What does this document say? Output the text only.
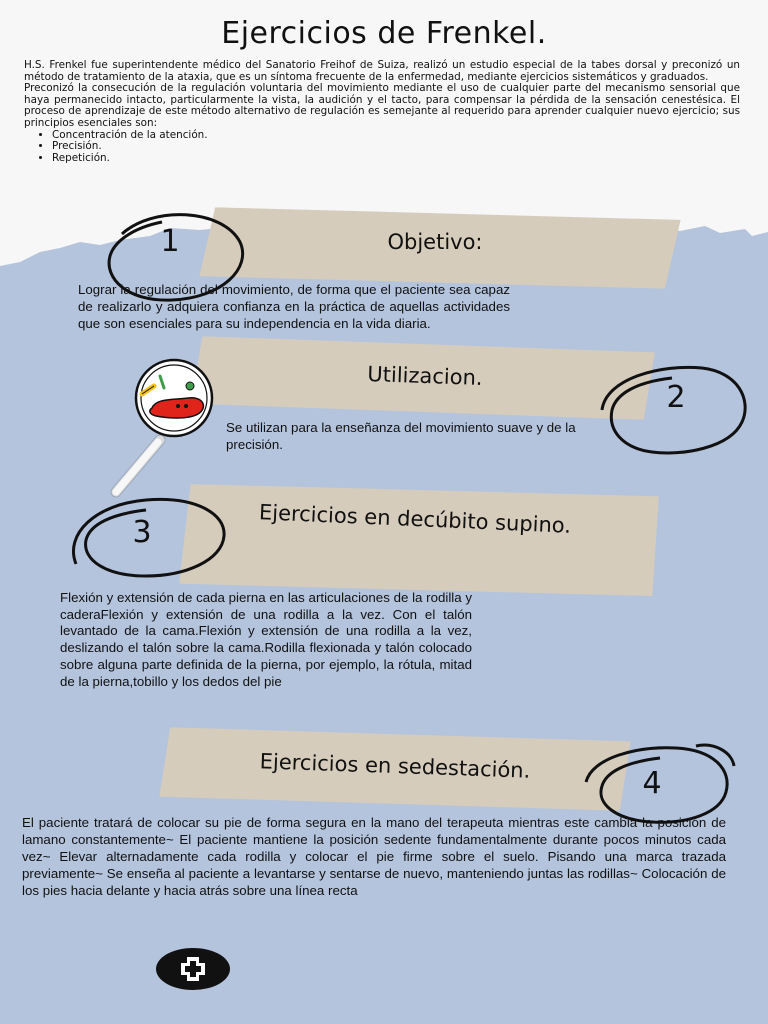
Ejercicios de Frenkel.

H.S. Frenkel fue superintendente médico del Sanatorio Freihof de Suiza, realizó un estudio especial de la tabes dorsal y preconizó un método de tratamiento de la ataxia, que es un síntoma frecuente de la enfermedad, mediante ejercicios sistemáticos y graduados.

Preconizó la consecución de la regulación voluntaria del movimiento mediante el uso de cualquier parte del mecanismo sensorial que haya permanecido intacto, particularmente la vista, la audición y el tacto, para compensar la pérdida de la sensación cenestésica. El proceso de aprendizaje de este método alternativo de regulación es semejante al requerido para aprender cualquier nuevo ejercicio; sus principios esenciales son:

• Concentración de la atención.
• Precisión.
• Repetición.
Objetivo:
1
Lograr la regulación del movimiento, de forma que el paciente sea capaz de realizarlo y adquiera confianza en la práctica de aquellas actividades que son esenciales para su independencia en la vida diaria.
Utilizacion.
2
Se utilizan para la enseñanza del movimiento suave y de la precisión.
Ejercicios en decúbito supino.
3
Flexión y extensión de cada pierna en las articulaciones de la rodilla y caderaFlexión y extensión de una rodilla a la vez. Con el talón levantado de la cama.Flexión y extensión de una rodilla a la vez, deslizando el talón sobre la cama.Rodilla flexionada y talón colocado sobre alguna parte definida de la pierna, por ejemplo, la rótula, mitad de la pierna,tobillo y los dedos del pie
Ejercicios en sedestación.
4
El paciente tratará de colocar su pie de forma segura en la mano del terapeuta mientras este cambia la posición de lamano constantemente~ El paciente mantiene la posición sedente fundamentalmente durante pocos minutos cada vez~ Elevar alternadamente cada rodilla y colocar el pie firme sobre el suelo. Pisando una marca trazada previamente~ Se enseña al paciente a levantarse y sentarse de nuevo, manteniendo juntas las rodillas~ Colocación de los pies hacia delante y hacia atrás sobre una línea recta
